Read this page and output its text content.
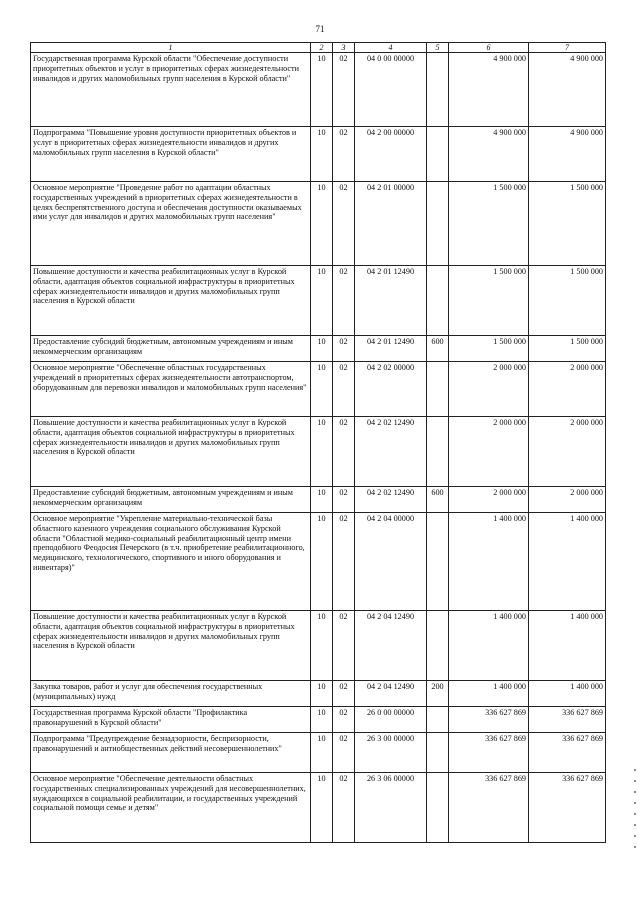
71
1	2	3	4	5	6	7
Государственная программа Курской области "Обеспечение доступности приоритетных объектов и услуг в приоритетных сферах жизнедеятельности инвалидов и других маломобильных групп населения в Курской области"	10	02	04 0 00 00000		4 900 000	4 900 000
Подпрограмма "Повышение уровня доступности приоритетных объектов и услуг в приоритетных сферах жизнедеятельности инвалидов и других маломобильных групп населения в Курской области"	10	02	04 2 00 00000		4 900 000	4 900 000
Основное мероприятие "Проведение работ по адаптации областных государственных учреждений в приоритетных сферах жизнедеятельности в целях беспрепятственного доступа и обеспечения доступности оказываемых ими услуг для инвалидов и других маломобильных групп населения"	10	02	04 2 01 00000		1 500 000	1 500 000
Повышение доступности и качества реабилитационных услуг в Курской области, адаптация объектов социальной инфраструктуры в приоритетных сферах жизнедеятельности инвалидов и других маломобильных групп населения в Курской области	10	02	04 2 01 12490		1 500 000	1 500 000
Предоставление субсидий бюджетным, автономным учреждениям и иным некоммерческим организациям	10	02	04 2 01 12490	600	1 500 000	1 500 000
Основное мероприятие "Обеспечение областных государственных учреждений в приоритетных сферах жизнедеятельности автотранспортом, оборудованным для перевозки инвалидов и маломобильных групп населения"	10	02	04 2 02 00000		2 000 000	2 000 000
Повышение доступности и качества реабилитационных услуг в Курской области, адаптация объектов социальной инфраструктуры в приоритетных сферах жизнедеятельности инвалидов и других маломобильных групп населения в Курской области	10	02	04 2 02 12490		2 000 000	2 000 000
Предоставление субсидий бюджетным, автономным учреждениям и иным некоммерческим организациям	10	02	04 2 02 12490	600	2 000 000	2 000 000
Основное мероприятие "Укрепление материально-технической базы областного казенного учреждения социального обслуживания Курской области "Областной медико-социальный реабилитационный центр имени преподобного Феодосия Печерского (в т.ч. приобретение реабилитационного, медицинского, технологического, спортивного и иного оборудования и инвентаря)"	10	02	04 2 04 00000		1 400 000	1 400 000
Повышение доступности и качества реабилитационных услуг в Курской области, адаптация объектов социальной инфраструктуры в приоритетных сферах жизнедеятельности инвалидов и других маломобильных групп населения в Курской области	10	02	04 2 04 12490		1 400 000	1 400 000
Закупка товаров, работ и услуг для обеспечения государственных (муниципальных) нужд	10	02	04 2 04 12490	200	1 400 000	1 400 000
Государственная программа Курской области "Профилактика правонарушений в Курской области"	10	02	26 0 00 00000		336 627 869	336 627 869
Подпрограмма "Предупреждение безнадзорности, беспризорности, правонарушений и антиобщественных действий несовершеннолетних"	10	02	26 3 00 00000		336 627 869	336 627 869
Основное мероприятие "Обеспечение деятельности областных государственных специализированных учреждений для несовершеннолетних, нуждающихся в социальной реабилитации, и государственных учреждений социальной помощи семье и детям"	10	02	26 3 06 00000		336 627 869	336 627 869
